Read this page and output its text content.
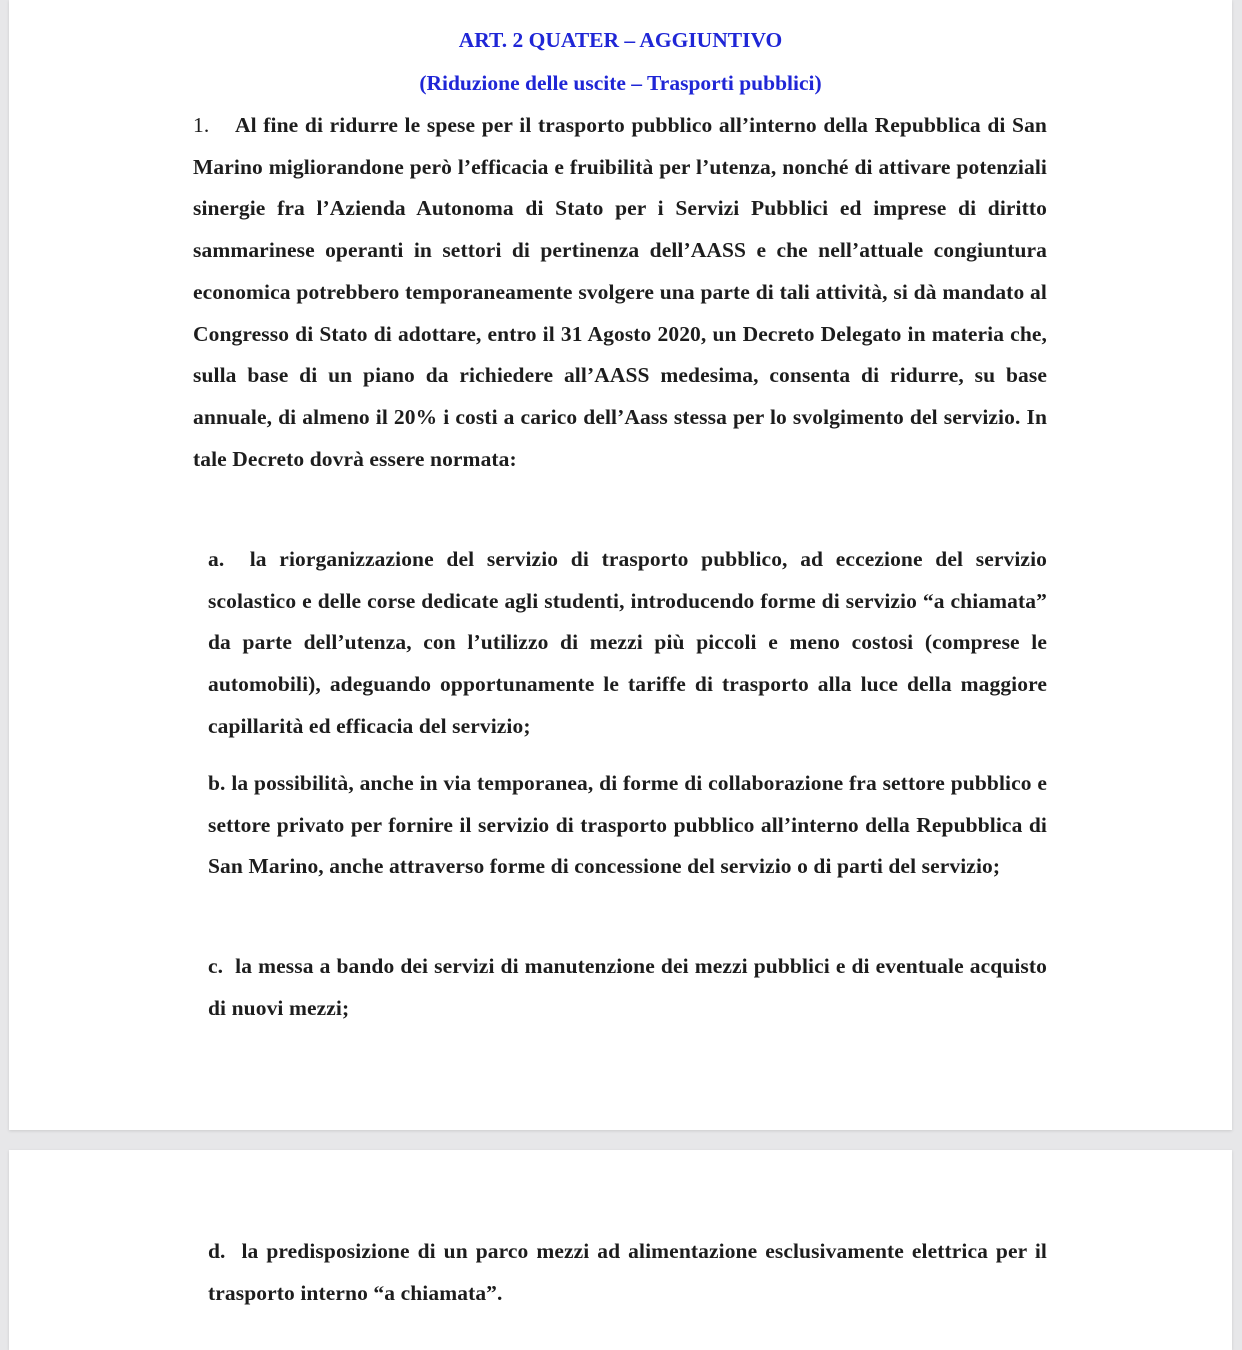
ART. 2 QUATER – AGGIUNTIVO
(Riduzione delle uscite – Trasporti pubblici)
1. Al fine di ridurre le spese per il trasporto pubblico all’interno della Repubblica di San Marino migliorandone però l’efficacia e fruibilità per l’utenza, nonché di attivare potenziali sinergie fra l’Azienda Autonoma di Stato per i Servizi Pubblici ed imprese di diritto sammarinese operanti in settori di pertinenza dell’AASS e che nell’attuale congiuntura economica potrebbero temporaneamente svolgere una parte di tali attività, si dà mandato al Congresso di Stato di adottare, entro il 31 Agosto 2020, un Decreto Delegato in materia che, sulla base di un piano da richiedere all’AASS medesima, consenta di ridurre, su base annuale, di almeno il 20% i costi a carico dell’Aass stessa per lo svolgimento del servizio. In tale Decreto dovrà essere normata:
a. la riorganizzazione del servizio di trasporto pubblico, ad eccezione del servizio scolastico e delle corse dedicate agli studenti, introducendo forme di servizio “a chiamata” da parte dell’utenza, con l’utilizzo di mezzi più piccoli e meno costosi (comprese le automobili), adeguando opportunamente le tariffe di trasporto alla luce della maggiore capillarità ed efficacia del servizio;
b. la possibilità, anche in via temporanea, di forme di collaborazione fra settore pubblico e settore privato per fornire il servizio di trasporto pubblico all’interno della Repubblica di San Marino, anche attraverso forme di concessione del servizio o di parti del servizio;
c. la messa a bando dei servizi di manutenzione dei mezzi pubblici e di eventuale acquisto di nuovi mezzi;
d. la predisposizione di un parco mezzi ad alimentazione esclusivamente elettrica per il trasporto interno “a chiamata”.
